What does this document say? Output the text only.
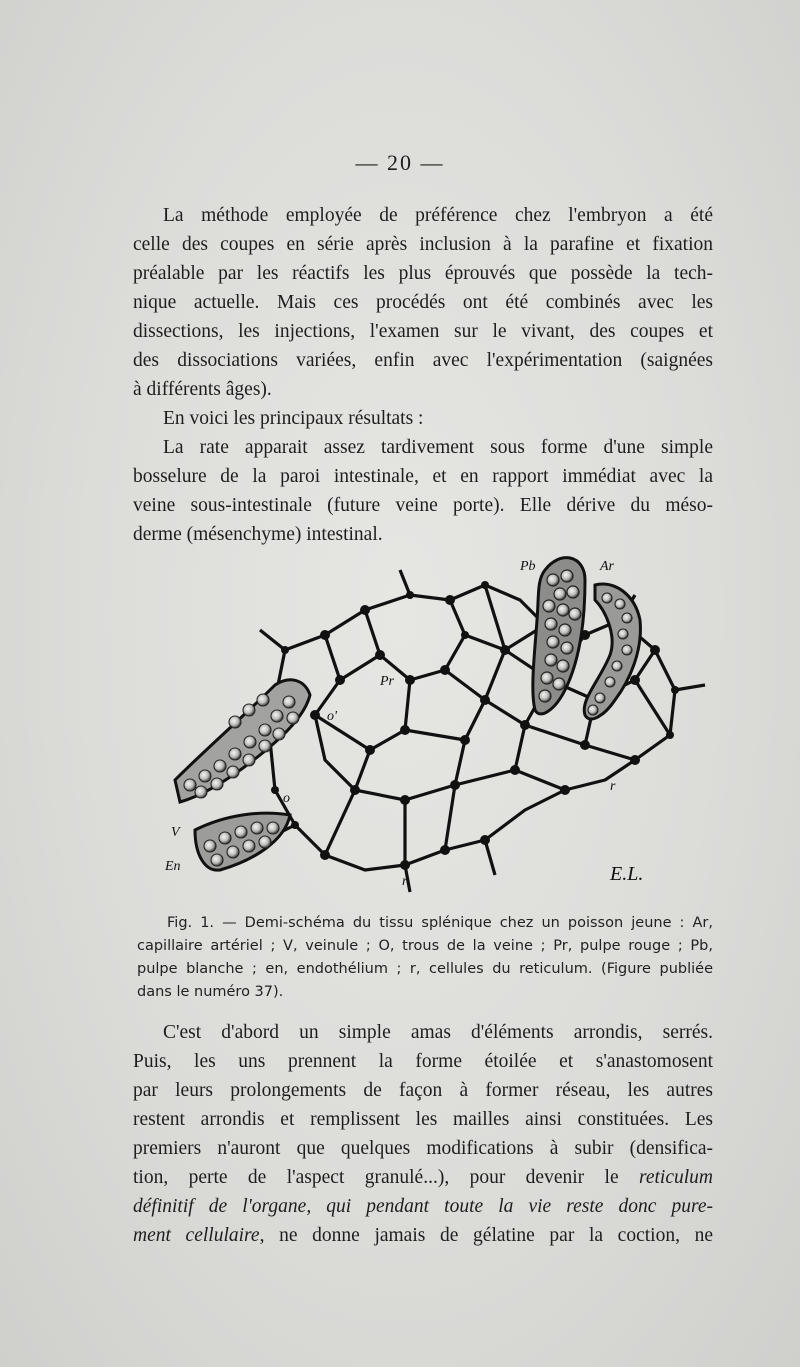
— 20 —
La méthode employée de préférence chez l'embryon a été
celle des coupes en série après inclusion à la parafine et fixation
préalable par les réactifs les plus éprouvés que possède la tech-
nique actuelle. Mais ces procédés ont été combinés avec les
dissections, les injections, l'examen sur le vivant, des coupes et
des dissociations variées, enfin avec l'expérimentation (saignées
à différents âges).
En voici les principaux résultats :
La rate apparait assez tardivement sous forme d'une simple
bosselure de la paroi intestinale, et en rapport immédiat avec la
veine sous-intestinale (future veine porte). Elle dérive du méso-
derme (mésenchyme) intestinal.
Pb	Ar
Pr
o'
o
r
r
V
En	E.L.
Fig. 1. — Demi-schéma du tissu splénique chez un poisson jeune : Ar,
capillaire artériel ; V, veinule ; O, trous de la veine ; Pr, pulpe rouge ; Pb,
pulpe blanche ; en, endothélium ; r, cellules du reticulum. (Figure publiée
dans le numéro 37).
C'est d'abord un simple amas d'éléments arrondis, serrés.
Puis, les uns prennent la forme étoilée et s'anastomosent
par leurs prolongements de façon à former réseau, les autres
restent arrondis et remplissent les mailles ainsi constituées. Les
premiers n'auront que quelques modifications à subir (densifica-
tion, perte de l'aspect granulé...), pour devenir le reticulum
définitif de l'organe, qui pendant toute la vie reste donc pure-
ment cellulaire, ne donne jamais de gélatine par la coction, ne
